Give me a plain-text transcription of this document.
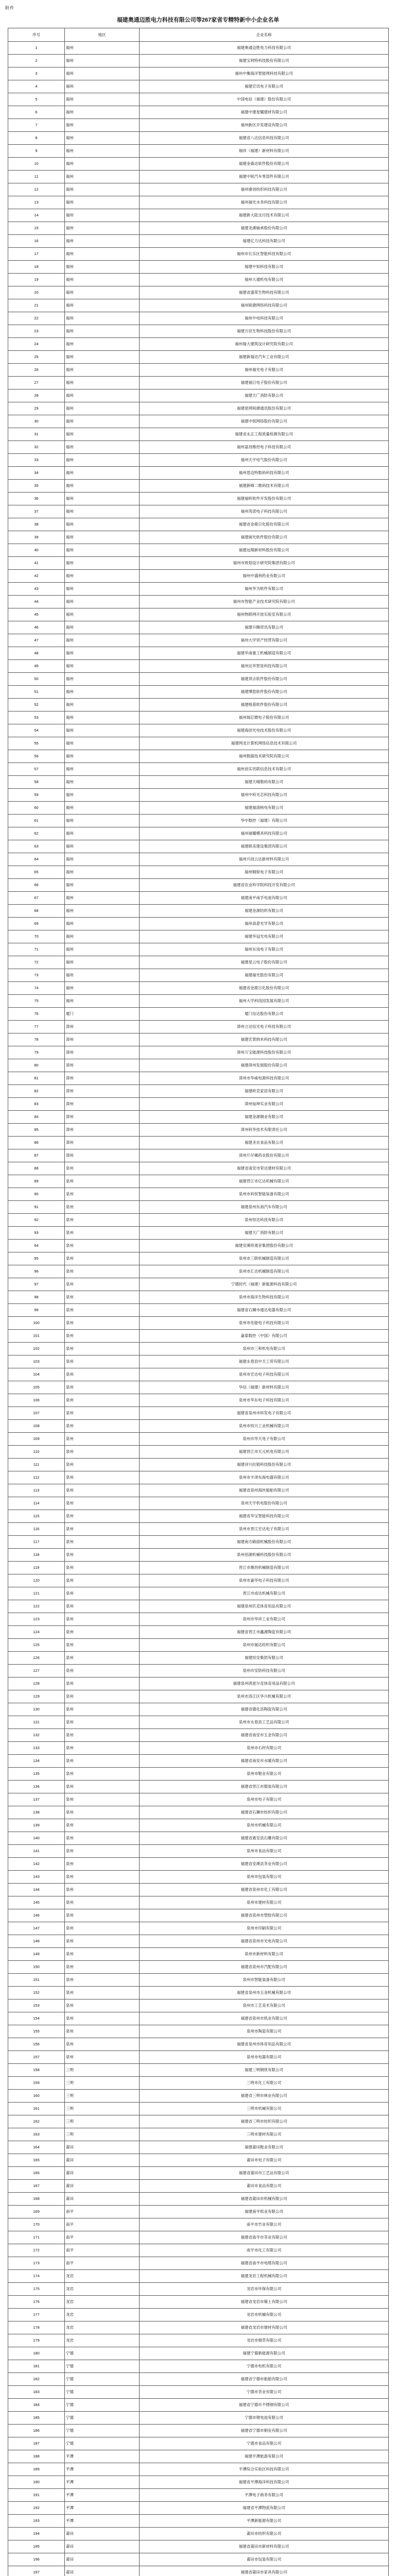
附件
福建奥通迈胜电力科技有限公司等267家省专精特新中小企业名单
序号	地区	企业名称
1	福州	福建奥通迈胜电力科技有限公司
2	福州	福建宝利特科技股份有限公司
3	福州	福州中衡海洋智能网科技有限公司
4	福州	福建宏讯电子有限公司
5	福州	中国电信（福建）股份有限公司
6	福州	福建中建星耀建材有限公司
7	福州	福州新区开发建设有限公司
8	福州	福建省八达信息科技有限公司
9	福州	瑞祥（福建）新材料有限公司
10	福州	福建金森达软件股份有限公司
11	福州	福建中锐汽车零部件有限公司
12	福州	福州睿创纺织科技有限公司
13	福州	福州福光水务科技有限公司
14	福州	福建新大陆支付技术有限公司
15	福州	福建龙溪轴承股份有限公司
16	福州	福建亿力达科技有限公司
17	福州	福州市长乐区智能科技有限公司
18	福州	福建中知科技有限公司
19	福州	福州大通机电有限公司
20	福州	福建省盛荣生物科技有限公司
21	福州	福州锐捷网络科技有限公司
22	福州	福州中电科技有限公司
23	福州	福建万辰生物科技股份有限公司
24	福州	福州福大建筑设计研究院有限公司
25	福州	福建新福达汽车工业有限公司
26	福州	福州福光电子有限公司
27	福州	福建福日电子股份有限公司
28	福州	福建天广消防有限公司
29	福州	福建星网锐捷通讯股份有限公司
30	福州	福建中锐网络股份有限公司
31	福州	福建省永正工程质量检测有限公司
32	福州	福州富昌维控电子科技有限公司
33	福州	福州天宇电气股份有限公司
34	福州	福州思迈特数码科技有限公司
35	福州	福建新峰二维码技术有限公司
36	福州	福建福昕软件开发股份有限公司
37	福州	福州英诺电子科技有限公司
38	福州	福建省金鹿日化股份有限公司
39	福州	福建闽光软件股份有限公司
40	福州	福建远翔新材料股份有限公司
41	福州	福州市规划设计研究院集团有限公司
42	福州	福州中盛利药业有限公司
43	福州	福州华为软件有限公司
44	福州	福州市智能产业技术研究院有限公司
45	福州	福州物联网开放实验室有限公司
46	福州	福建升腾资讯有限公司
47	福州	福州大学资产经营有限公司
48	福州	福建华南重工机械制造有限公司
49	福州	福州达华智显科技有限公司
50	福州	福建顶点软件股份有限公司
51	福州	福建博思软件股份有限公司
52	福州	福建榕基软件股份有限公司
53	福州	福州瑞芯微电子股份有限公司
54	福州	福建海创光电技术股份有限公司
55	福州	福建网龙计算机网络信息技术有限公司
56	福州	福州数据技术研究院有限公司
57	福州	福州创实讯联信息技术有限公司
58	福州	福建天晴数码有限公司
59	福州	福州中科光芯科技有限公司
60	福州	福建福清核电有限公司
61	福州	华中数控（福建）有限公司
62	福州	福州福耀模具科技有限公司
63	福州	福建联美建设集团有限公司
64	福州	福州兴创云达新材料有限公司
65	福州	福州精锐电子有限公司
66	福州	福建省农业科学院科技开发有限公司
67	福州	福建南平南孚电池有限公司
68	福州	福建金源纺织有限公司
69	福州	福州高意光学有限公司
70	福州	福建华冠光电有限公司
71	福州	福州东岚电子有限公司
72	福州	福建星云电子股份有限公司
73	福州	福建福光股份有限公司
74	福州	福建省金鹿日化股份有限公司
75	福州	福州大学科技园发展有限公司
76	厦门	厦门信达股份有限公司
77	漳州	漳州立达信光电子科技有限公司
78	漳州	福建宏景纳米科技有限公司
79	漳州	漳州万宝能源科技股份有限公司
80	漳州	福建漳州发展股份有限公司
81	漳州	漳州市华威电源科技有限公司
82	漳州	福建欧克家居有限公司
83	漳州	漳州灿坤实业有限公司
84	漳州	福建金源铜业有限公司
85	漳州	漳州科华技术有限责任公司
86	漳州	福建圣农食品有限公司
87	漳州	漳州片仔癀药业股份有限公司
88	泉州	福建省南安市荣达建材有限公司
89	泉州	福建晋江市亿达机械有限公司
90	泉州	泉州市科恒智能装备有限公司
91	泉州	福建泉州东南汽车有限公司
92	泉州	泉州恒达科技有限公司
93	泉州	福建天广消防有限公司
94	泉州	福建安溪铁观音集团股份有限公司
95	泉州	泉州市三联机械制造有限公司
96	泉州	泉州市汇达机械制造有限公司
97	泉州	宁德时代（福建）新能源科技有限公司
98	泉州	泉州市海洋生物科技有限公司
99	泉州	福建省石狮市通达电器有限公司
100	泉州	泉州市佳能电子科技有限公司
101	泉州	嘉泰数控（中国）有限公司
102	泉州	泉州市三和机电有限公司
103	泉州	福建永春县中天工贸有限公司
104	泉州	泉州市宏达电子科技有限公司
105	泉州	华信（福建）新材料有限公司
106	泉州	泉州市华东电子科技有限公司
107	泉州	福建省泉州市科发电子有限公司
108	泉州	泉州市恒兴工业机械有限公司
109	泉州	泉州市华天电子有限公司
110	泉州	福建晋江市天元机电有限公司
111	泉州	福建浔兴拉链科技股份有限公司
112	泉州	泉州市丰泽东海电器有限公司
113	泉州	福建省泉州海丝船舶有限公司
114	泉州	泉州天宇机电股份有限公司
115	泉州	福建省华宝智能科技有限公司
116	泉州	泉州市晋江宏达电子有限公司
117	泉州	福建南方路面机械股份有限公司
118	泉州	泉州佰源机械科技股份有限公司
119	泉州	晋江市顺昌机械制造有限公司
120	泉州	泉州市嘉华电子科技有限公司
121	泉州	晋江市成达机械有限公司
122	泉州	福建泉州匹克体育用品有限公司
123	泉州	泉州市华祥工业有限公司
124	泉州	福建省晋江市鑫源陶瓷有限公司
125	泉州	泉州市福达纺织有限公司
126	泉州	福建恒安集团有限公司
127	泉州	泉州市安防科技有限公司
128	泉州	福建泉州鸿星尔克体育用品有限公司
129	泉州	泉州市洛江区华兴机械有限公司
130	泉州	福建省德化县陶瓷有限公司
131	泉州	泉州市永春县工艺品有限公司
132	泉州	福建省南安市五金有限公司
133	泉州	泉州市石材有限公司
134	泉州	福建省南安市水暖有限公司
135	泉州	泉州市鞋业有限公司
136	泉州	福建省晋江市服装有限公司
137	泉州	泉州市电子有限公司
138	泉州	福建省石狮市纺织有限公司
139	泉州	泉州市机械有限公司
140	泉州	福建省惠安县石雕有限公司
141	泉州	泉州市食品有限公司
142	泉州	福建省安溪县茶业有限公司
143	泉州	泉州市包装有限公司
144	泉州	福建省泉州市化工有限公司
145	泉州	泉州市建材有限公司
146	泉州	福建省泉州市塑胶有限公司
147	泉州	泉州市印刷有限公司
148	泉州	福建省泉州市光电有限公司
149	泉州	泉州市新材料有限公司
150	泉州	福建省泉州市汽配有限公司
151	泉州	泉州市智能装备有限公司
152	泉州	福建省泉州市五金机械有限公司
153	泉州	泉州市工艺美术有限公司
154	泉州	福建省泉州市纸业有限公司
155	泉州	泉州市陶瓷有限公司
156	泉州	福建省泉州市体育用品有限公司
157	泉州	泉州市电器有限公司
158	三明	福建三明钢铁有限公司
159	三明	三明市化工有限公司
160	三明	福建省三明市林业有限公司
161	三明	三明市机械有限公司
162	三明	福建省三明市纺织有限公司
163	三明	三明市建材有限公司
164	莆田	福建莆田鞋业有限公司
165	莆田	莆田市电子有限公司
166	莆田	福建省莆田市工艺品有限公司
167	莆田	莆田市食品有限公司
168	莆田	福建省莆田市机械有限公司
169	南平	福建南平纸业有限公司
170	南平	南平市竹业有限公司
171	南平	福建省南平市茶业有限公司
172	南平	南平市化工有限公司
173	南平	福建省南平市电缆有限公司
174	龙岩	福建龙岩工程机械有限公司
175	龙岩	龙岩市环保有限公司
176	龙岩	福建省龙岩市稀土有限公司
177	龙岩	龙岩市机械有限公司
178	龙岩	福建省龙岩市建材有限公司
179	龙岩	龙岩市烟草有限公司
180	宁德	福建宁德新能源有限公司
181	宁德	宁德市电机有限公司
182	宁德	福建省宁德市船舶有限公司
183	宁德	宁德市茶业有限公司
184	宁德	福建省宁德市不锈钢有限公司
185	宁德	宁德市锂电池有限公司
186	宁德	福建省宁德市铜业有限公司
187	宁德	宁德市食品有限公司
188	平潭	福建平潭旅游有限公司
189	平潭	平潭综合实验区科技有限公司
190	平潭	福建省平潭海洋科技有限公司
191	平潭	平潭电子商务有限公司
192	平潭	福建省平潭物流有限公司
193	平潭	平潭新能源有限公司
194	莆田	莆田市纺织有限公司
195	莆田	福建省莆田市新材料有限公司
196	莆田	莆田市包装有限公司
197	莆田	福建省莆田市家具有限公司
